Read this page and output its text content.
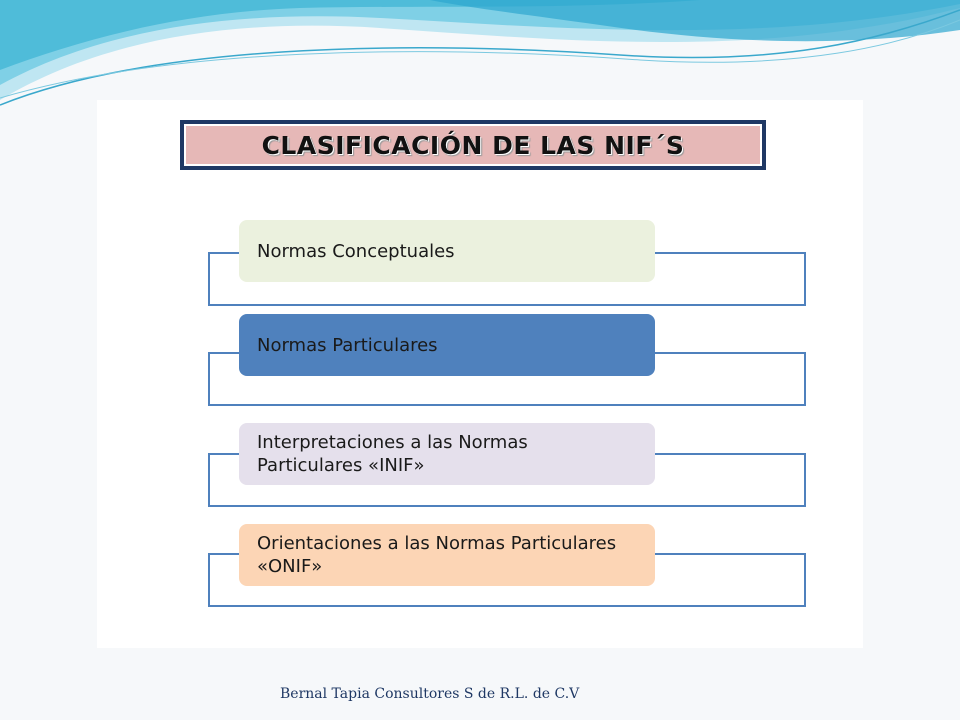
CLASIFICACIÓN DE LAS NIF´S
Normas Conceptuales
Normas Particulares
Interpretaciones a las Normas Particulares «INIF»
Orientaciones a las Normas Particulares «ONIF»
Bernal Tapia Consultores S de R.L. de C.V
